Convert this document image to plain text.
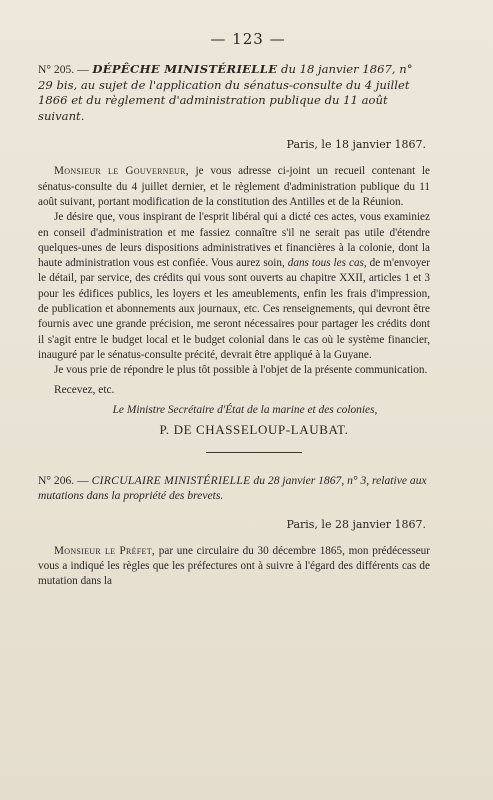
— 123 —

N° 205. — DÉPÊCHE MINISTÉRIELLE du 18 janvier 1867, n° 29 bis, au sujet de l'application du sénatus-consulte du 4 juillet 1866 et du règlement d'administration publique du 11 août suivant.

Paris, le 18 janvier 1867.

Monsieur le Gouverneur, je vous adresse ci-joint un recueil contenant le sénatus-consulte du 4 juillet dernier, et le règlement d'administration publique du 11 août suivant, portant modification de la constitution des Antilles et de la Réunion.

Je désire que, vous inspirant de l'esprit libéral qui a dicté ces actes, vous examiniez en conseil d'administration et me fassiez connaître s'il ne serait pas utile d'étendre quelques-unes de leurs dispositions administratives et financières à la colonie, dont la haute administration vous est confiée. Vous aurez soin, dans tous les cas, de m'envoyer le détail, par service, des crédits qui vous sont ouverts au chapitre XXII, articles 1 et 3 pour les édifices publics, les loyers et les ameublements, enfin les frais d'impression, de publication et abonnements aux journaux, etc. Ces renseignements, qui devront être fournis avec une grande précision, me seront nécessaires pour partager les crédits dont il s'agit entre le budget local et le budget colonial dans le cas où le système financier, inauguré par le sénatus-consulte précité, devrait être appliqué à la Guyane.

Je vous prie de répondre le plus tôt possible à l'objet de la présente communication.

Recevez, etc.

Le Ministre Secrétaire d'État de la marine et des colonies,
P. DE CHASSELOUP-LAUBAT.

N° 206. — CIRCULAIRE MINISTÉRIELLE du 28 janvier 1867, n° 3, relative aux mutations dans la propriété des brevets.

Paris, le 28 janvier 1867.

Monsieur le Préfet, par une circulaire du 30 décembre 1865, mon prédécesseur vous a indiqué les règles que les préfectures ont à suivre à l'égard des différents cas de mutation dans la
